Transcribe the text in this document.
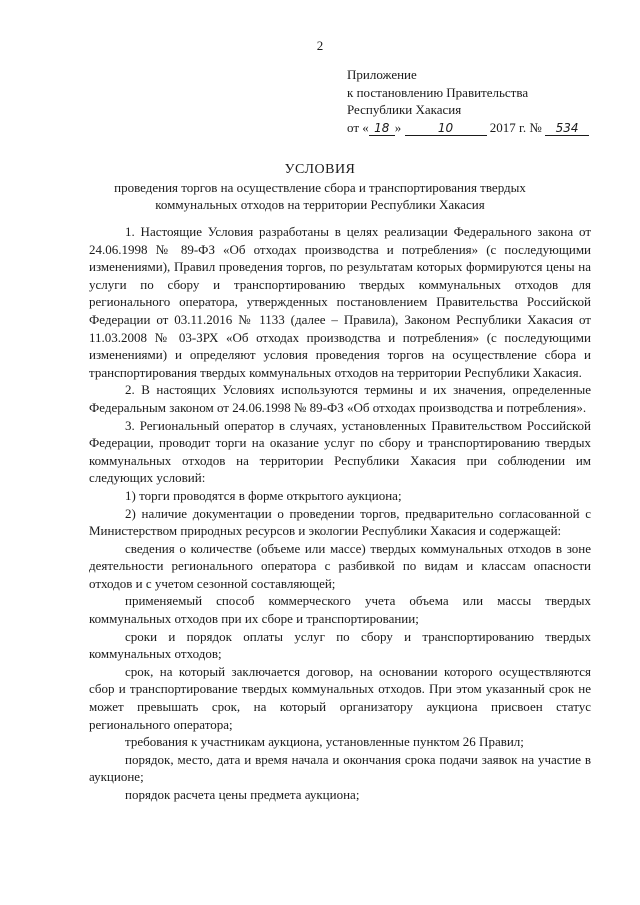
2
Приложение
к постановлению Правительства
Республики Хакасия
от « 18 »	10	2017 г. № 534
УСЛОВИЯ
проведения торгов на осуществление сбора и транспортирования твердых коммунальных отходов на территории Республики Хакасия

1. Настоящие Условия разработаны в целях реализации Федерального закона от 24.06.1998 № 89-ФЗ «Об отходах производства и потребления» (с последующими изменениями), Правил проведения торгов, по результатам которых формируются цены на услуги по сбору и транспортированию твердых коммунальных отходов для регионального оператора, утвержденных постановлением Правительства Российской Федерации от 03.11.2016 № 1133 (далее – Правила), Законом Республики Хакасия от 11.03.2008 № 03-ЗРХ «Об отходах производства и потребления» (с последующими изменениями) и определяют условия проведения торгов на осуществление сбора и транспортирования твердых коммунальных отходов на территории Республики Хакасия.

2. В настоящих Условиях используются термины и их значения, определенные Федеральным законом от 24.06.1998 № 89-ФЗ «Об отходах производства и потребления».

3. Региональный оператор в случаях, установленных Правительством Российской Федерации, проводит торги на оказание услуг по сбору и транспортированию твердых коммунальных отходов на территории Республики Хакасия при соблюдении им следующих условий:

1) торги проводятся в форме открытого аукциона;

2) наличие документации о проведении торгов, предварительно согласованной с Министерством природных ресурсов и экологии Республики Хакасия и содержащей:

сведения о количестве (объеме или массе) твердых коммунальных отходов в зоне деятельности регионального оператора с разбивкой по видам и классам опасности отходов и с учетом сезонной составляющей;

применяемый способ коммерческого учета объема или массы твердых коммунальных отходов при их сборе и транспортировании;

сроки и порядок оплаты услуг по сбору и транспортированию твердых коммунальных отходов;

срок, на который заключается договор, на основании которого осуществляются сбор и транспортирование твердых коммунальных отходов. При этом указанный срок не может превышать срок, на который организатору аукциона присвоен статус регионального оператора;

требования к участникам аукциона, установленные пунктом 26 Правил;

порядок, место, дата и время начала и окончания срока подачи заявок на участие в аукционе;

порядок расчета цены предмета аукциона;
